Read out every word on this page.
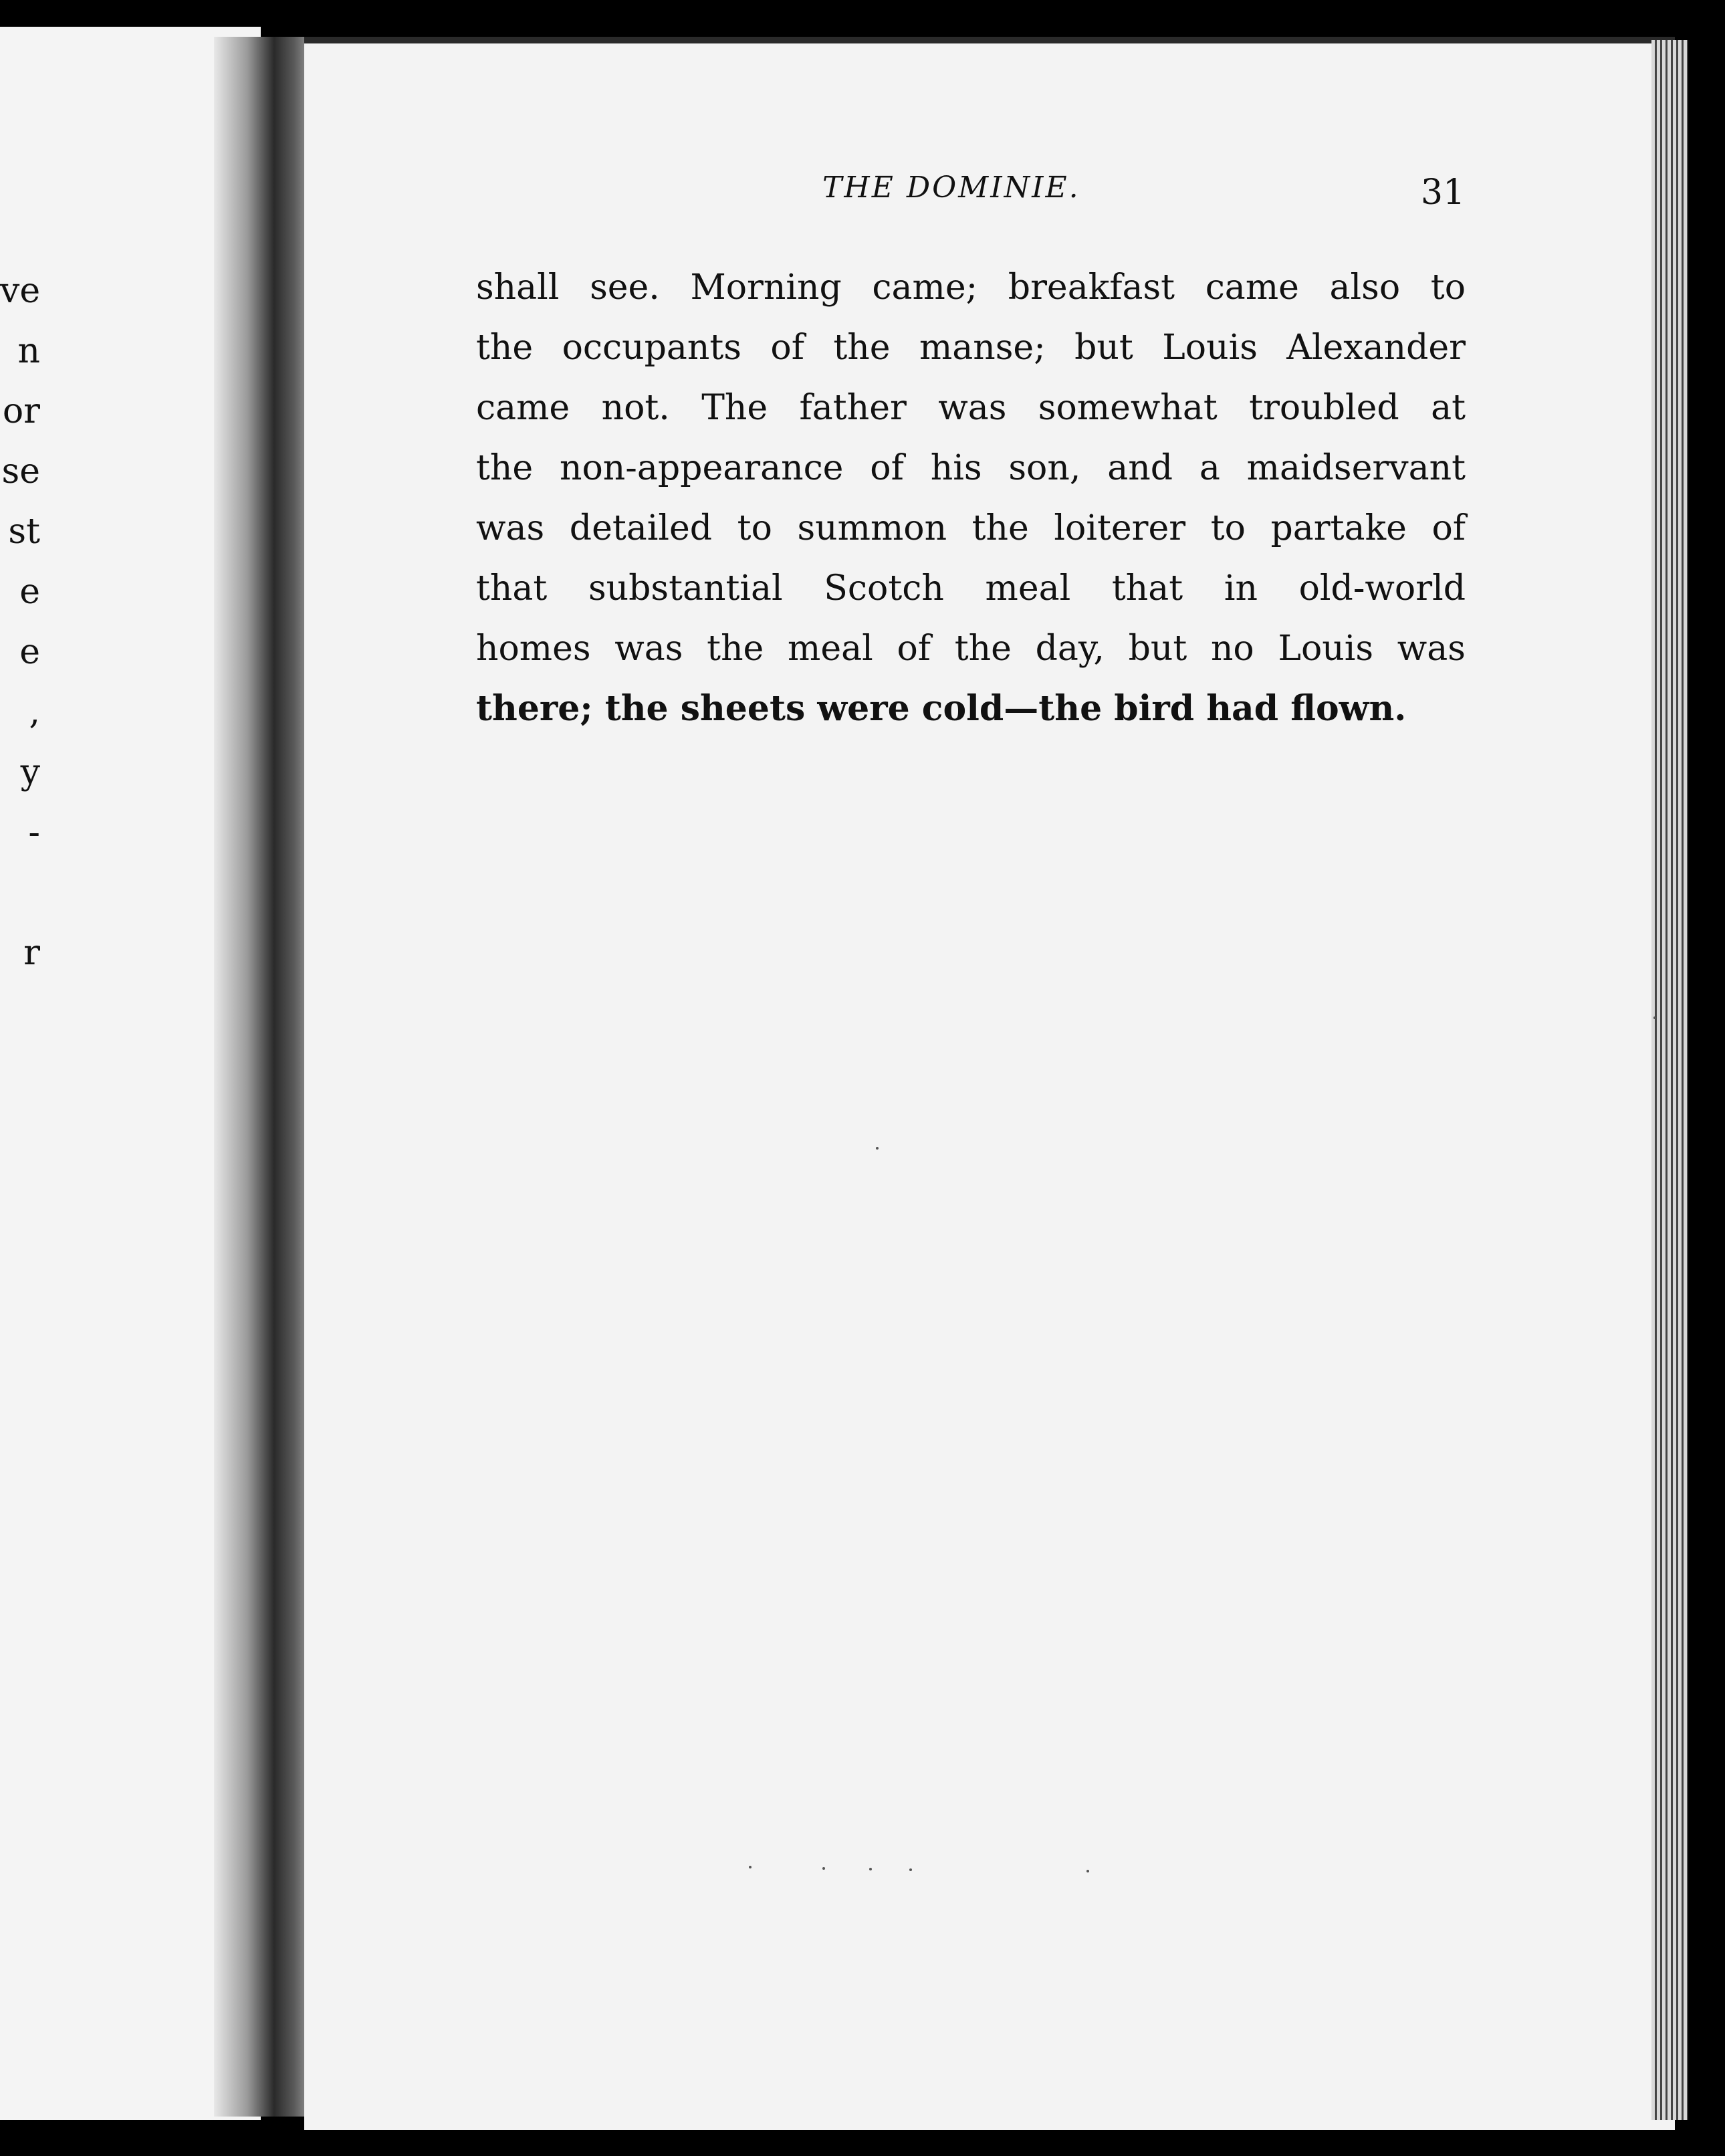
ve
n
or
se
st
e
e
,
y
-
r
THE DOMINIE.	31
shall see. Morning came; breakfast came also to
the occupants of the manse; but Louis Alexander
came not. The father was somewhat troubled at
the non-appearance of his son, and a maidservant
was detailed to summon the loiterer to partake of
that substantial Scotch meal that in old-world
homes was the meal of the day, but no Louis was
there; the sheets were cold—the bird had flown.
